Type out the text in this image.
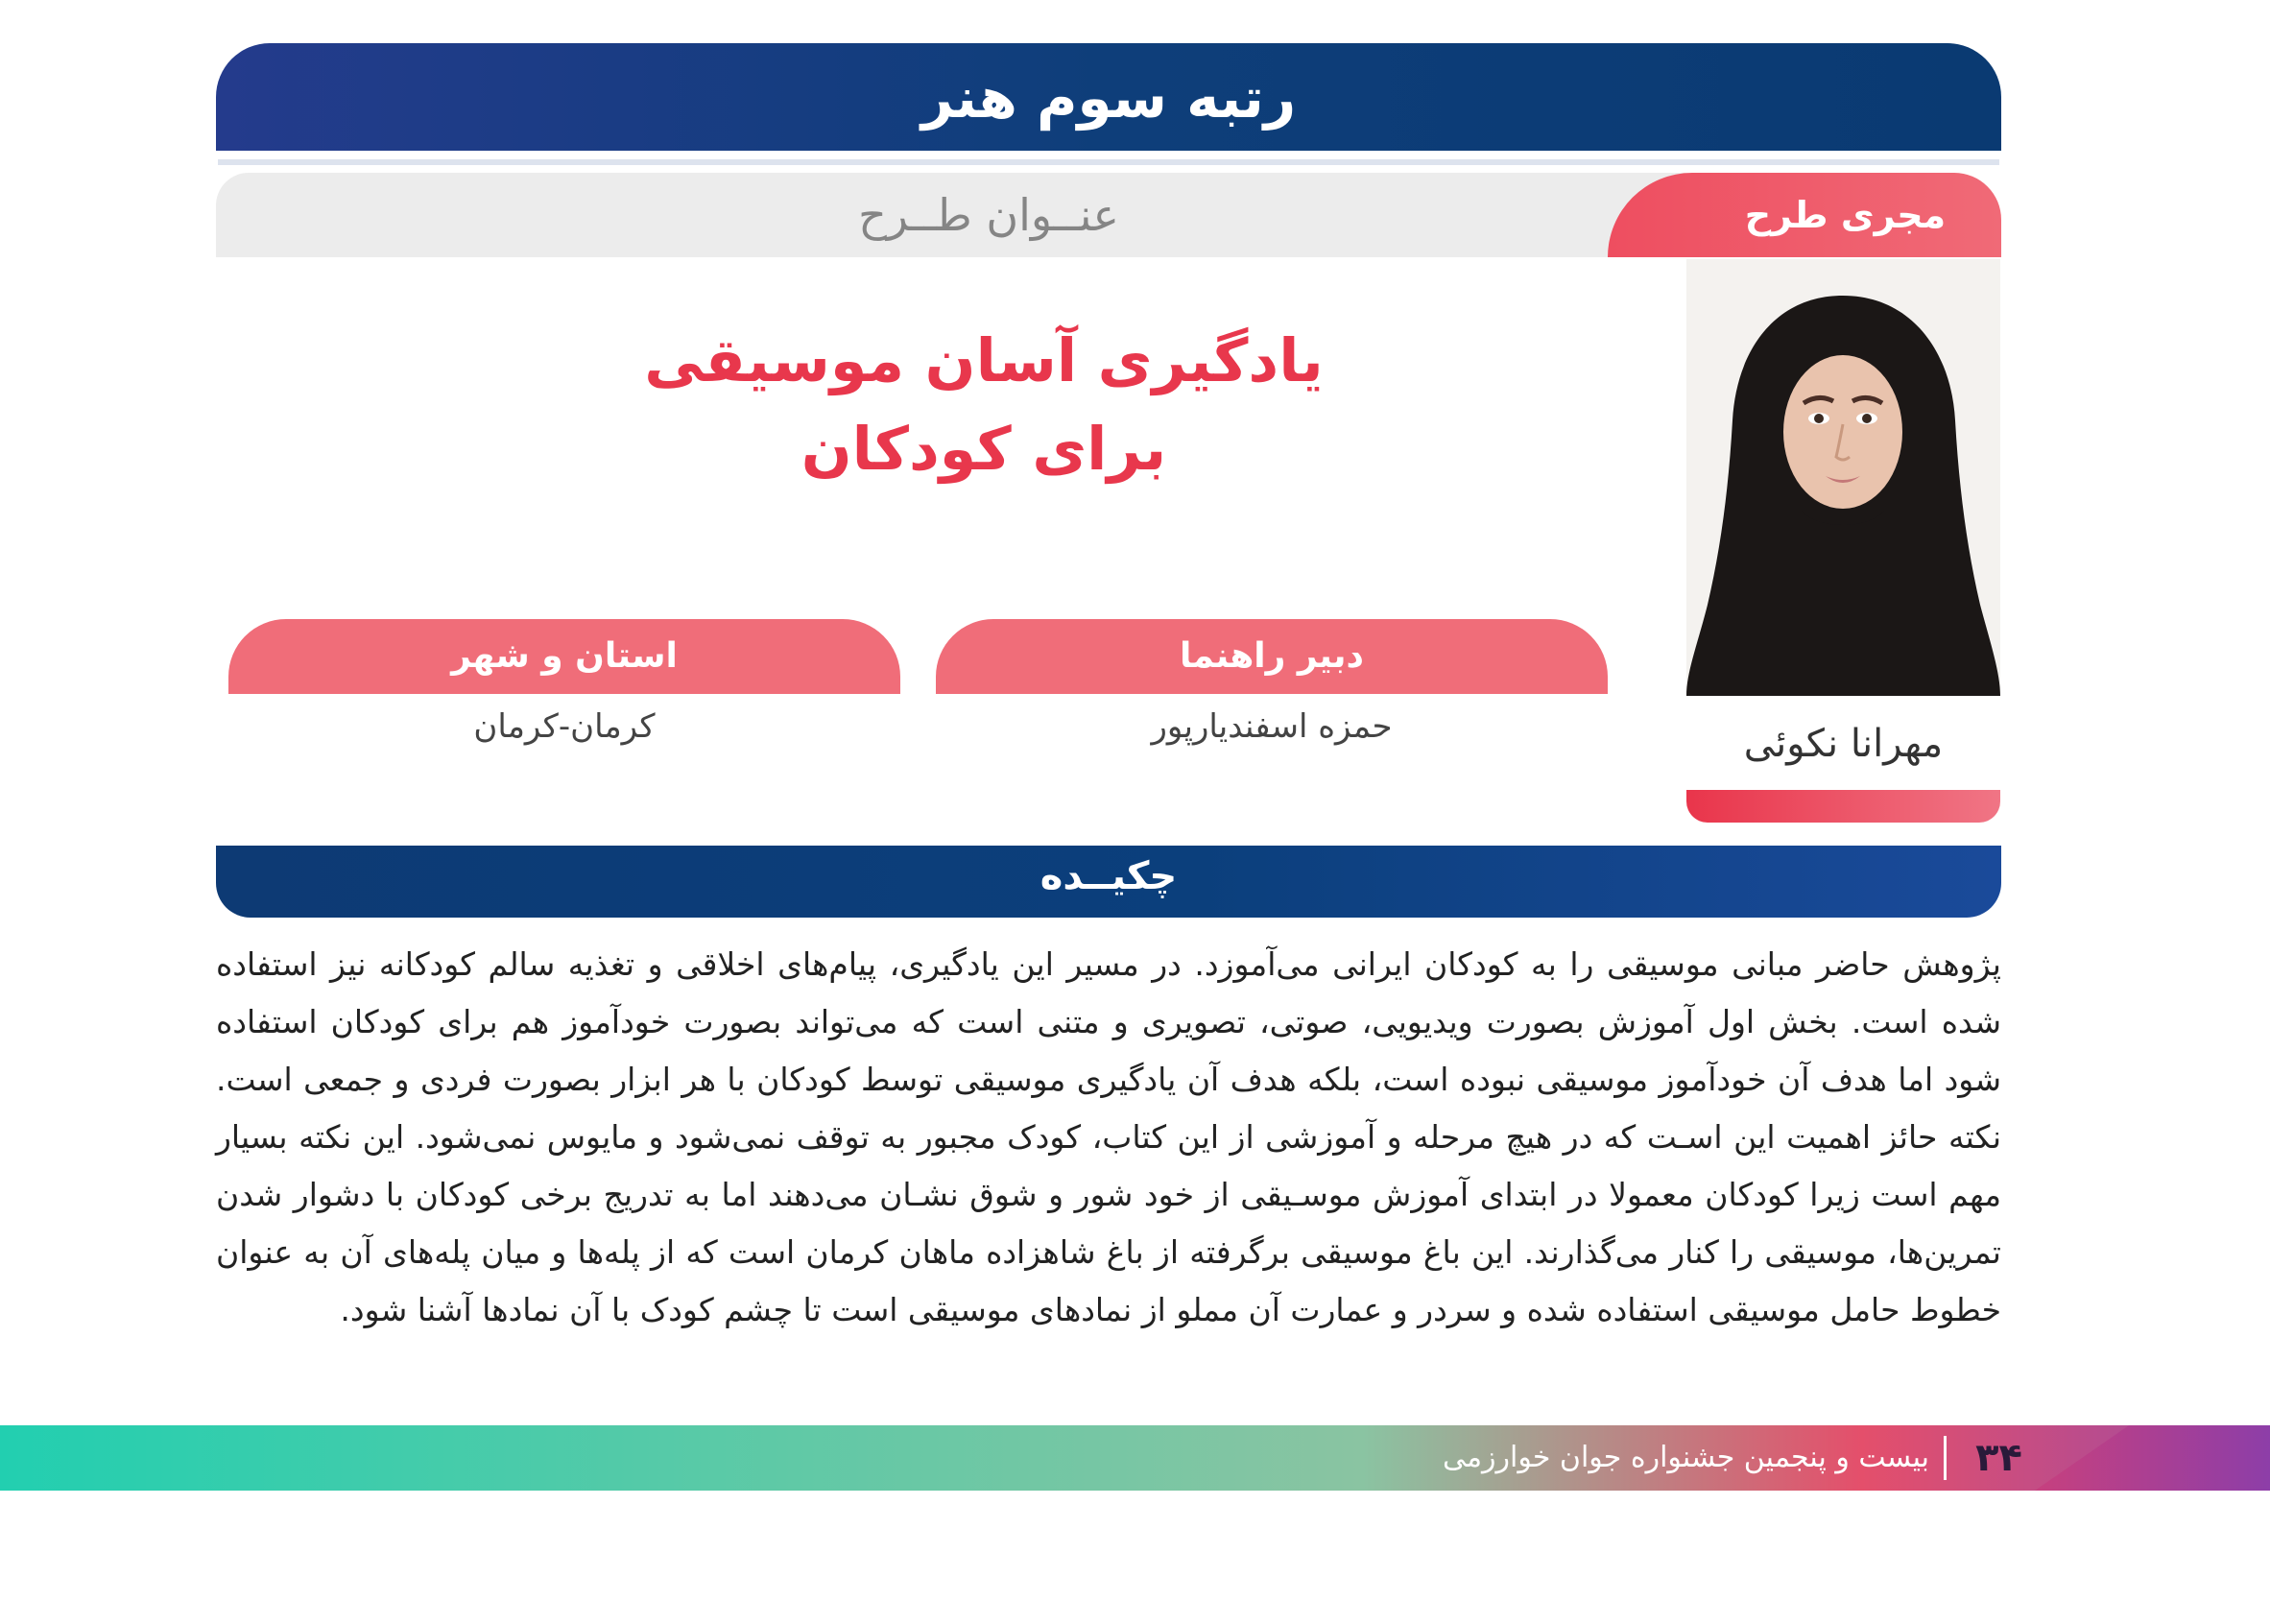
رتبه سوم هنر
عنــوان طــرح	مجری طرح
مهرانا نکوئی
یادگیری آسان موسیقی
برای کودکان
دبیر راهنما
حمزه اسفندیارپور
استان و شهر
کرمان-کرمان
چکیــده
پژوهش حاضر مبانی موسیقی را به کودکان ایرانی می‌آموزد. در مسیر این یادگیری، پیام‌های اخلاقی و تغذیه سالم کودکانه نیز استفاده شده است. بخش اول آموزش بصورت ویدیویی، صوتی، تصویری و متنی است که می‌تواند بصورت خودآموز هم برای کودکان استفاده شود اما هدف آن خودآموز موسیقی نبوده است، بلکه هدف آن یادگیری موسیقی توسط کودکان با هر ابزار بصورت فردی و جمعی است. نکته حائز اهمیت این اسـت که در هیچ مرحله و آموزشی از این کتاب، کودک مجبور به توقف نمی‌شود و مایوس نمی‌شود. این نکته بسیار مهم است زیرا کودکان معمولا در ابتدای آموزش موسـیقی از خود شور و شوق نشـان می‌دهند اما به تدریج برخی کودکان با دشوار شدن تمرین‌ها، موسیقی را کنار می‌گذارند. این باغ موسیقی برگرفته از باغ شاهزاده ماهان کرمان است که از پله‌ها و میان پله‌های آن به عنوان خطوط حامل موسیقی استفاده شده و سردر و عمارت آن مملو از نمادهای موسیقی است تا چشم کودک با آن نمادها آشنا شود.
۳۴
بیست و پنجمین جشنواره جوان خوارزمی
